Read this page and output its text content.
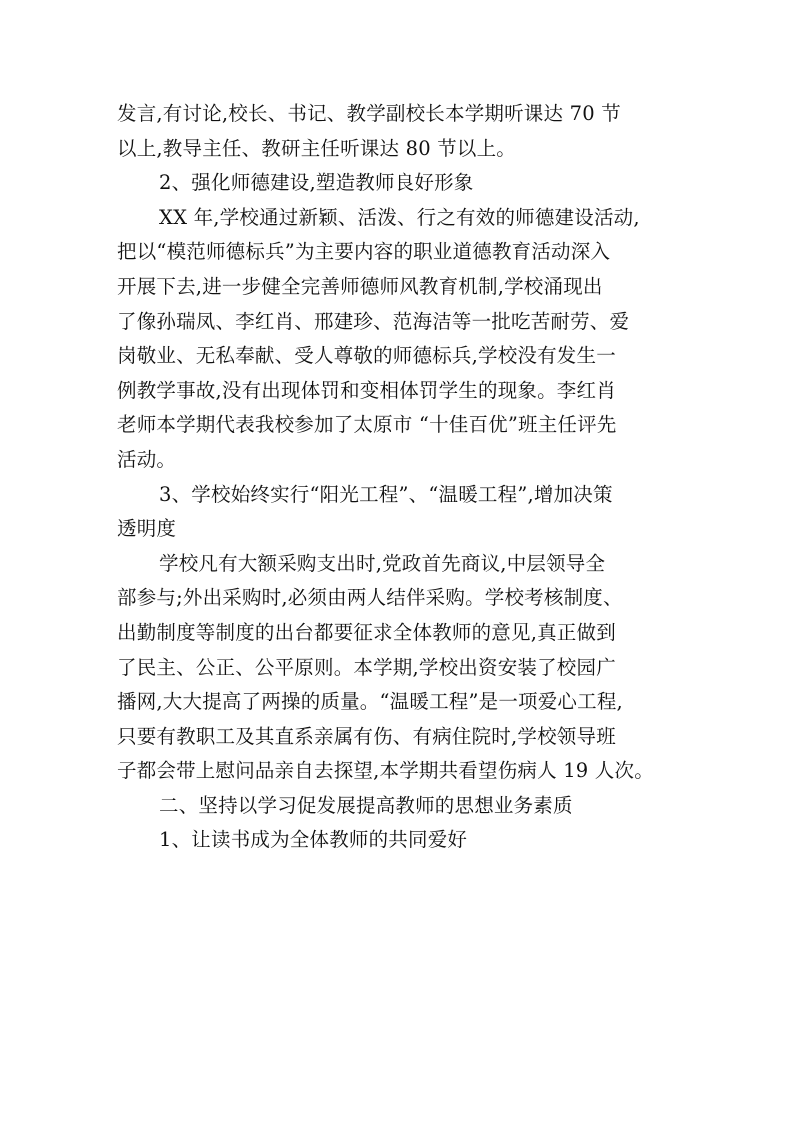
发言,有讨论,校长、书记、教学副校长本学期听课达 70 节
以上,教导主任、教研主任听课达 80 节以上。
2、强化师德建设,塑造教师良好形象
XX 年,学校通过新颖、活泼、行之有效的师德建设活动,
把以“模范师德标兵”为主要内容的职业道德教育活动深入
开展下去,进一步健全完善师德师风教育机制,学校涌现出
了像孙瑞凤、李红肖、邢建珍、范海洁等一批吃苦耐劳、爱
岗敬业、无私奉献、受人尊敬的师德标兵,学校没有发生一
例教学事故,没有出现体罚和变相体罚学生的现象。李红肖
老师本学期代表我校参加了太原市 “十佳百优”班主任评先
活动。
3、学校始终实行“阳光工程”、“温暖工程”,增加决策
透明度
学校凡有大额采购支出时,党政首先商议,中层领导全
部参与;外出采购时,必须由两人结伴采购。学校考核制度、
出勤制度等制度的出台都要征求全体教师的意见,真正做到
了民主、公正、公平原则。本学期,学校出资安装了校园广
播网,大大提高了两操的质量。“温暖工程”是一项爱心工程,
只要有教职工及其直系亲属有伤、有病住院时,学校领导班
子都会带上慰问品亲自去探望,本学期共看望伤病人 19 人次。
二、坚持以学习促发展提高教师的思想业务素质
1、让读书成为全体教师的共同爱好
